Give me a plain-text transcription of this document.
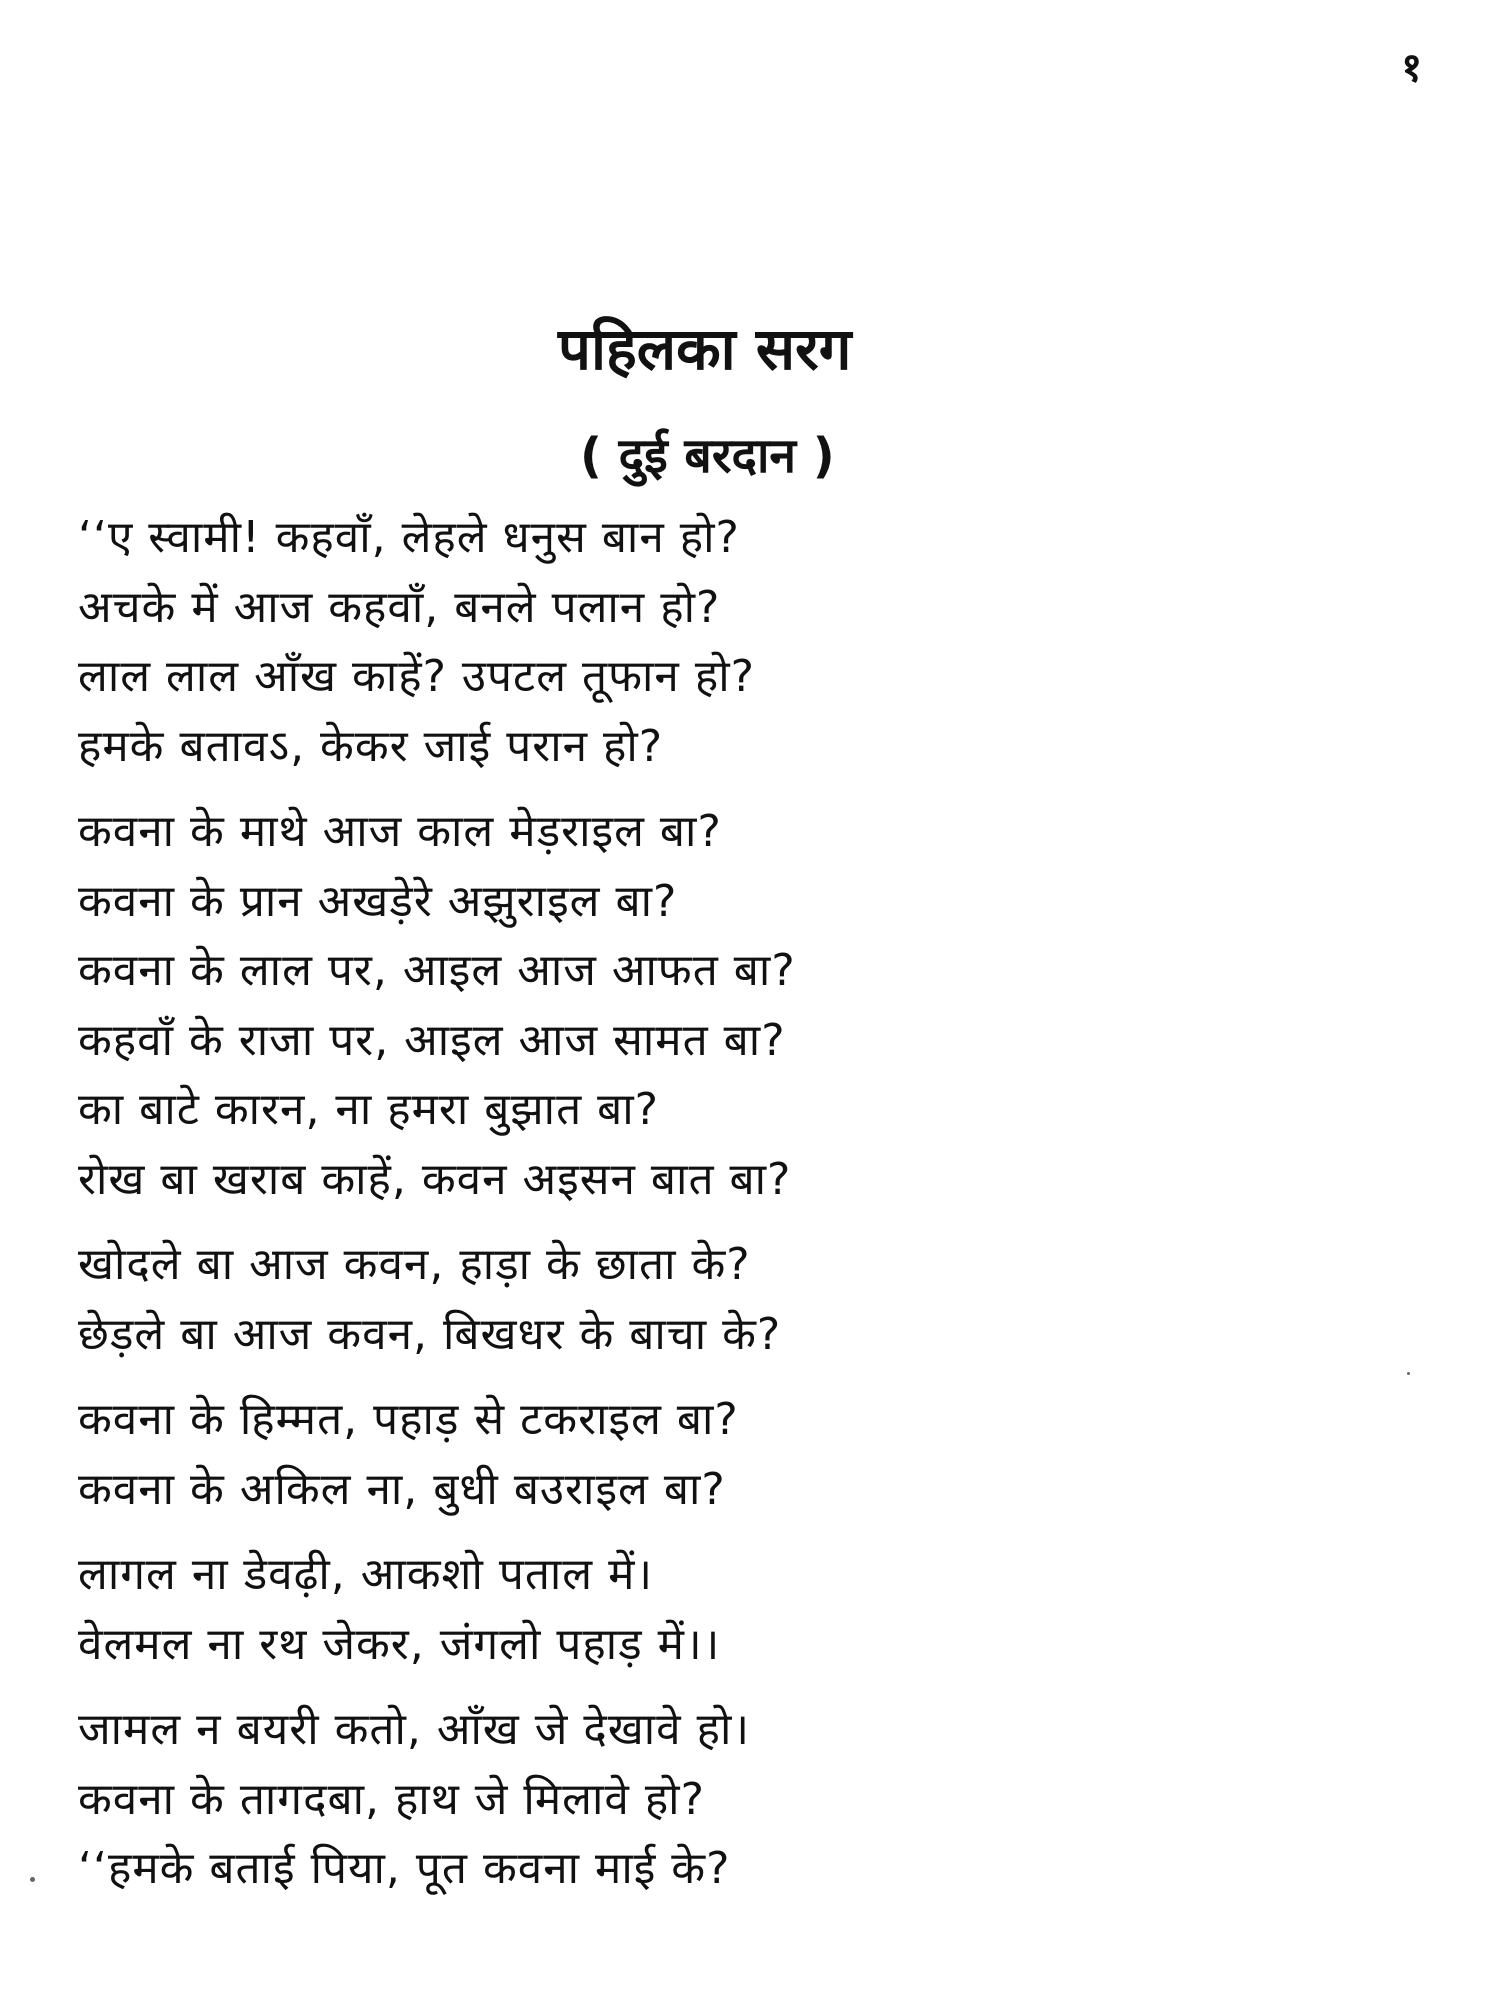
१
पहिलका सरग
( दुई बरदान )
‘‘ए स्वामी! कहवाँ, लेहले धनुस बान हो?
अचके में आज कहवाँ, बनले पलान हो?
लाल लाल आँख काहें? उपटल तूफान हो?
हमके बतावऽ, केकर जाई परान हो?
कवना के माथे आज काल मेड़राइल बा?
कवना के प्रान अखड़ेरे अझुराइल बा?
कवना के लाल पर, आइल आज आफत बा?
कहवाँ के राजा पर, आइल आज सामत बा?
का बाटे कारन, ना हमरा बुझात बा?
रोख बा खराब काहें, कवन अइसन बात बा?
खोदले बा आज कवन, हाड़ा के छाता के?
छेड़ले बा आज कवन, बिखधर के बाचा के?
कवना के हिम्मत, पहाड़ से टकराइल बा?
कवना के अकिल ना, बुधी बउराइल बा?
लागल ना डेवढ़ी, आकशो पताल में।
वेलमल ना रथ जेकर, जंगलो पहाड़ में।।
जामल न बयरी कतो, आँख जे देखावे हो।
कवना के तागदबा, हाथ जे मिलावे हो?
‘‘हमके बताई पिया, पूत कवना माई के?
